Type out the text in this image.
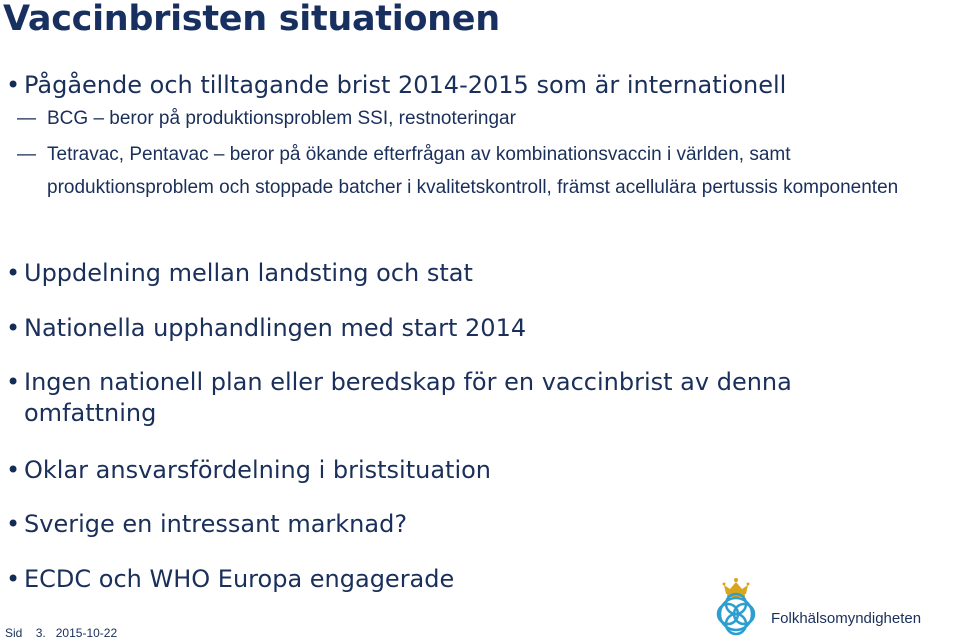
Vaccinbristen situationen
• Pågående och tilltagande brist 2014-2015 som är internationell
— BCG – beror på produktionsproblem SSI, restnoteringar
— Tetravac, Pentavac – beror på ökande efterfrågan av kombinationsvaccin i världen, samt produktionsproblem och stoppade batcher i kvalitetskontroll, främst acellulära pertussis komponenten
• Uppdelning mellan landsting och stat
• Nationella upphandlingen med start 2014
• Ingen nationell plan eller beredskap för en vaccinbrist av denna omfattning
• Oklar ansvarsfördelning i bristsituation
• Sverige en intressant marknad?
• ECDC och WHO Europa engagerade
Sid 3. 2015-10-22
Folkhälsomyndigheten
